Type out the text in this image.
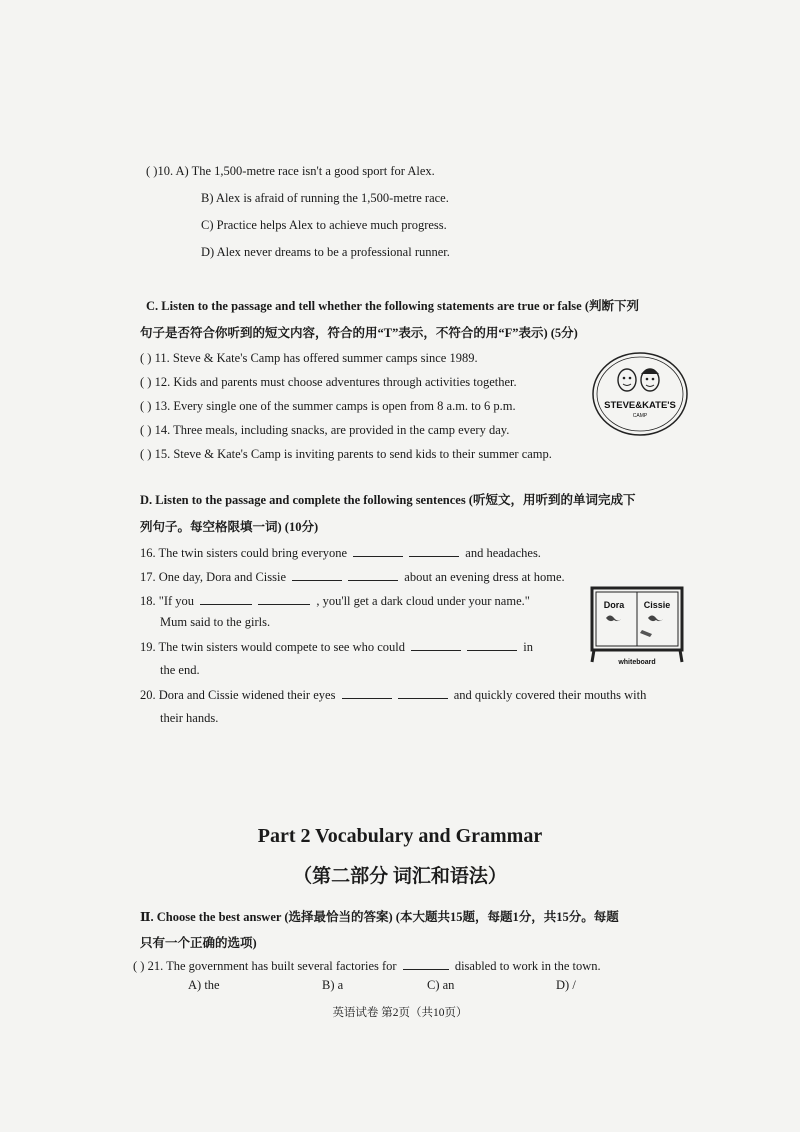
( )10. A) The 1,500-metre race isn't a good sport for Alex.
B) Alex is afraid of running the 1,500-metre race.
C) Practice helps Alex to achieve much progress.
D) Alex never dreams to be a professional runner.
C. Listen to the passage and tell whether the following statements are true or false (判断下列
句子是否符合你听到的短文内容，符合的用“T”表示，不符合的用“F”表示) (5分)
( ) 11. Steve & Kate's Camp has offered summer camps since 1989.
( ) 12. Kids and parents must choose adventures through activities together.
( ) 13. Every single one of the summer camps is open from 8 a.m. to 6 p.m.
( ) 14. Three meals, including snacks, are provided in the camp every day.
( ) 15. Steve & Kate's Camp is inviting parents to send kids to their summer camp.
STEVE&KATE'S
CAMP
D. Listen to the passage and complete the following sentences (听短文，用听到的单词完成下
列句子。每空格限填一词) (10分)
16. The twin sisters could bring everyone	and headaches.
17. One day, Dora and Cissie	about an evening dress at home.
18. "If you	, you'll get a dark cloud under your name."
Mum said to the girls.
19. The twin sisters would compete to see who could	in
the end.
20. Dora and Cissie widened their eyes	and quickly covered their mouths with
their hands.
Dora Cissie
whiteboard
Part 2 Vocabulary and Grammar
（第二部分 词汇和语法）
Ⅱ. Choose the best answer (选择最恰当的答案) (本大题共15题，每题1分，共15分。每题
只有一个正确的选项)
( ) 21. The government has built several factories for	disabled to work in the town.
A) the	B) a	C) an	D) /
英语试卷 第2页（共10页）
